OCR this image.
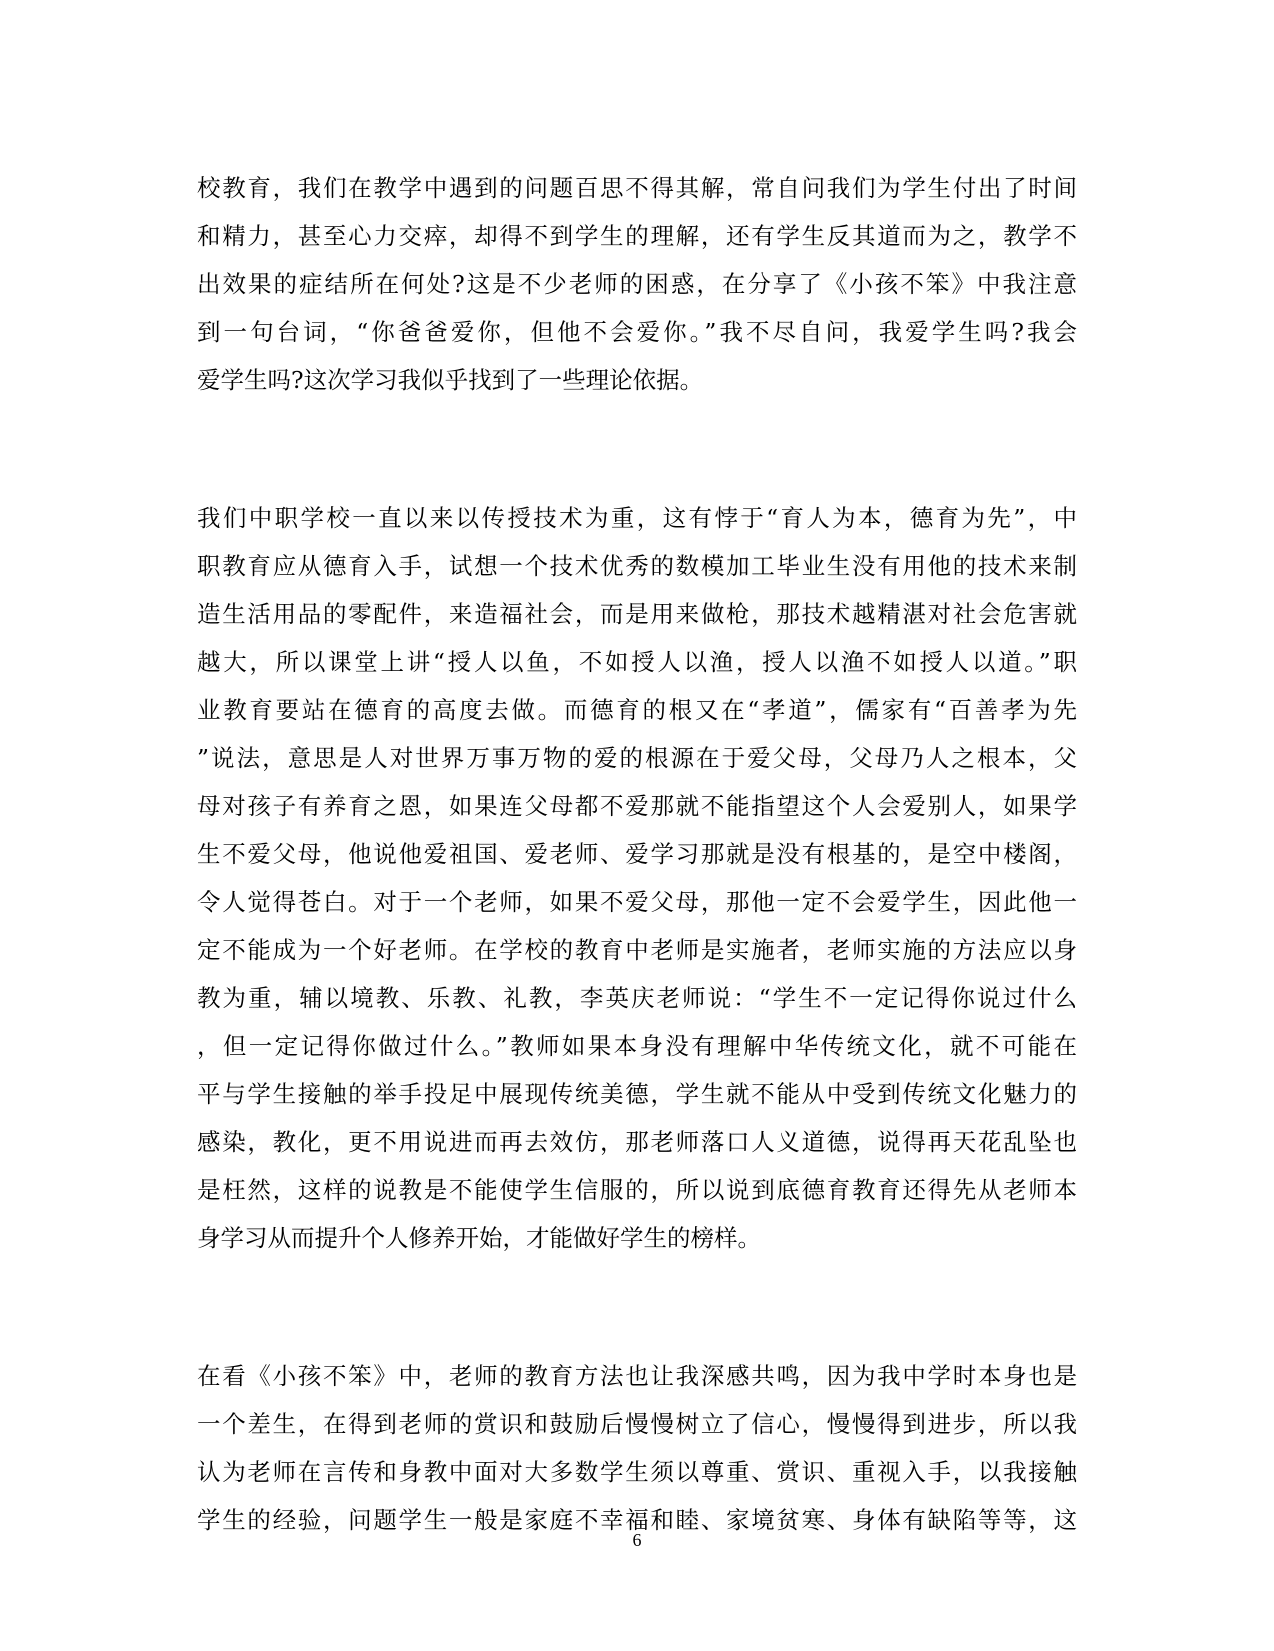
校教育，我们在教学中遇到的问题百思不得其解，常自问我们为学生付出了时间
和精力，甚至心力交瘁，却得不到学生的理解，还有学生反其道而为之，教学不
出效果的症结所在何处?这是不少老师的困惑，在分享了《小孩不笨》中我注意
到一句台词，“你爸爸爱你，但他不会爱你。”我不尽自问，我爱学生吗?我会
爱学生吗?这次学习我似乎找到了一些理论依据。
我们中职学校一直以来以传授技术为重，这有悖于“育人为本，德育为先”，中
职教育应从德育入手，试想一个技术优秀的数模加工毕业生没有用他的技术来制
造生活用品的零配件，来造福社会，而是用来做枪，那技术越精湛对社会危害就
越大，所以课堂上讲“授人以鱼，不如授人以渔，授人以渔不如授人以道。”职
业教育要站在德育的高度去做。而德育的根又在“孝道”，儒家有“百善孝为先
”说法，意思是人对世界万事万物的爱的根源在于爱父母，父母乃人之根本，父
母对孩子有养育之恩，如果连父母都不爱那就不能指望这个人会爱别人，如果学
生不爱父母，他说他爱祖国、爱老师、爱学习那就是没有根基的，是空中楼阁，
令人觉得苍白。对于一个老师，如果不爱父母，那他一定不会爱学生，因此他一
定不能成为一个好老师。在学校的教育中老师是实施者，老师实施的方法应以身
教为重，辅以境教、乐教、礼教，李英庆老师说：“学生不一定记得你说过什么
，但一定记得你做过什么。”教师如果本身没有理解中华传统文化，就不可能在
平与学生接触的举手投足中展现传统美德，学生就不能从中受到传统文化魅力的
感染，教化，更不用说进而再去效仿，那老师落口人义道德，说得再天花乱坠也
是枉然，这样的说教是不能使学生信服的，所以说到底德育教育还得先从老师本
身学习从而提升个人修养开始，才能做好学生的榜样。
在看《小孩不笨》中，老师的教育方法也让我深感共鸣，因为我中学时本身也是
一个差生，在得到老师的赏识和鼓励后慢慢树立了信心，慢慢得到进步，所以我
认为老师在言传和身教中面对大多数学生须以尊重、赏识、重视入手，以我接触
学生的经验，问题学生一般是家庭不幸福和睦、家境贫寒、身体有缺陷等等，这
6
